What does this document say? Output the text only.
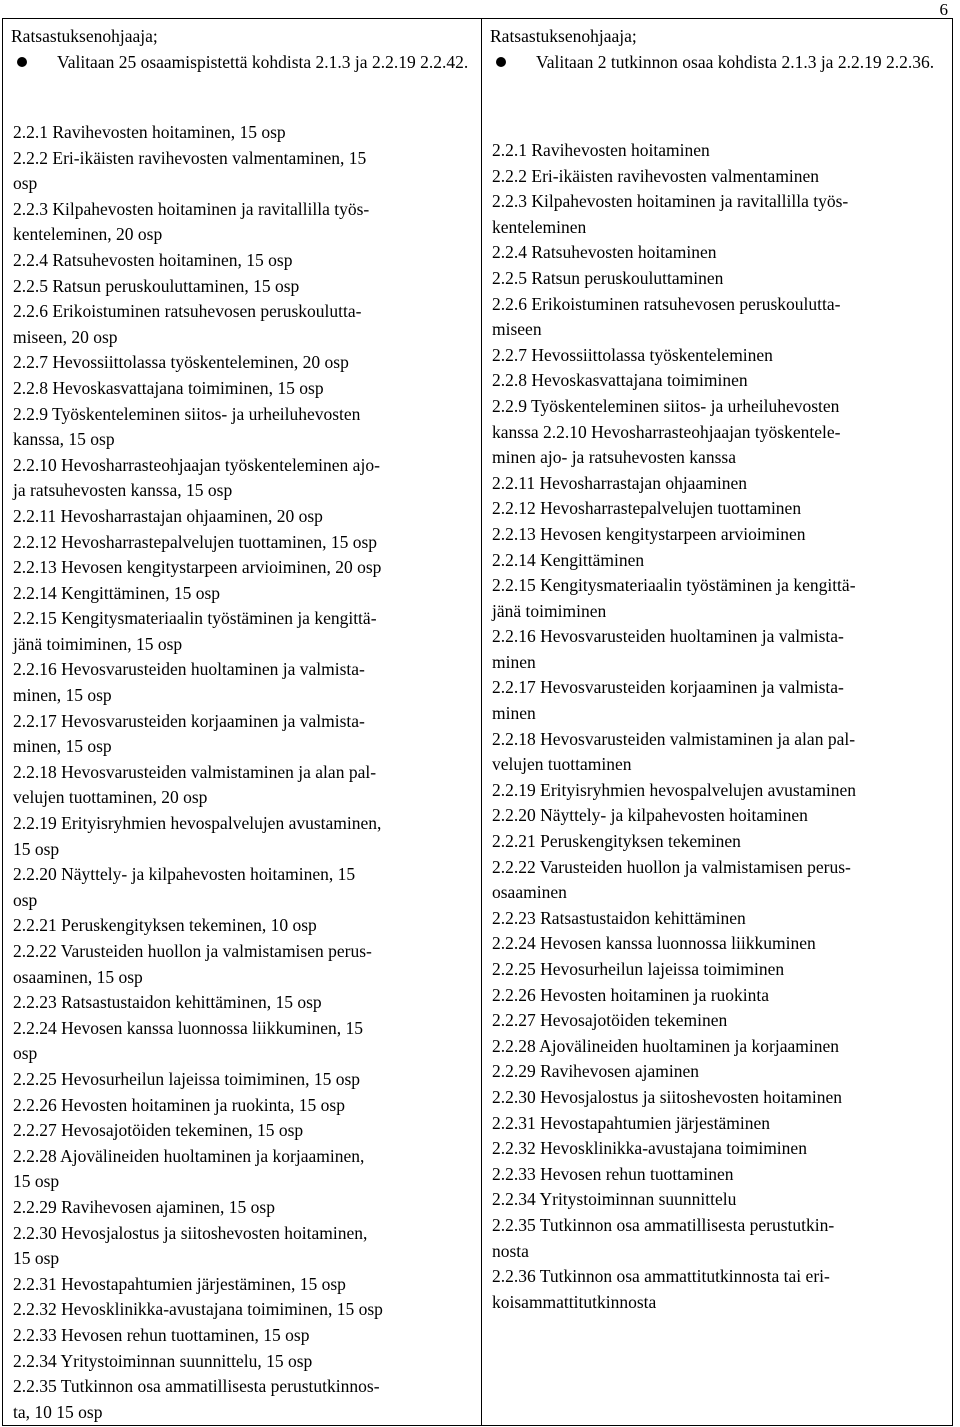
6
Ratsastuksenohjaaja;
Valitaan 25 osaamispistettä kohdista 2.1.3 ja 2.2.19 2.2.42.
2.2.1 Ravihevosten hoitaminen, 15 osp
2.2.2 Eri-ikäisten ravihevosten valmentaminen, 15
osp
2.2.3 Kilpahevosten hoitaminen ja ravitallilla työs-
kenteleminen, 20 osp
2.2.4 Ratsuhevosten hoitaminen, 15 osp
2.2.5 Ratsun peruskouluttaminen, 15 osp
2.2.6 Erikoistuminen ratsuhevosen peruskoulutta-
miseen, 20 osp
2.2.7 Hevossiittolassa työskenteleminen, 20 osp
2.2.8 Hevoskasvattajana toimiminen, 15 osp
2.2.9 Työskenteleminen siitos- ja urheiluhevosten
kanssa, 15 osp
2.2.10 Hevosharrasteohjaajan työskenteleminen ajo-
ja ratsuhevosten kanssa, 15 osp
2.2.11 Hevosharrastajan ohjaaminen, 20 osp
2.2.12 Hevosharrastepalvelujen tuottaminen, 15 osp
2.2.13 Hevosen kengitystarpeen arvioiminen, 20 osp
2.2.14 Kengittäminen, 15 osp
2.2.15 Kengitysmateriaalin työstäminen ja kengittä-
jänä toimiminen, 15 osp
2.2.16 Hevosvarusteiden huoltaminen ja valmista-
minen, 15 osp
2.2.17 Hevosvarusteiden korjaaminen ja valmista-
minen, 15 osp
2.2.18 Hevosvarusteiden valmistaminen ja alan pal-
velujen tuottaminen, 20 osp
2.2.19 Erityisryhmien hevospalvelujen avustaminen,
15 osp
2.2.20 Näyttely- ja kilpahevosten hoitaminen, 15
osp
2.2.21 Peruskengityksen tekeminen, 10 osp
2.2.22 Varusteiden huollon ja valmistamisen perus-
osaaminen, 15 osp
2.2.23 Ratsastustaidon kehittäminen, 15 osp
2.2.24 Hevosen kanssa luonnossa liikkuminen, 15
osp
2.2.25 Hevosurheilun lajeissa toimiminen, 15 osp
2.2.26 Hevosten hoitaminen ja ruokinta, 15 osp
2.2.27 Hevosajotöiden tekeminen, 15 osp
2.2.28 Ajovälineiden huoltaminen ja korjaaminen,
15 osp
2.2.29 Ravihevosen ajaminen, 15 osp
2.2.30 Hevosjalostus ja siitoshevosten hoitaminen,
15 osp
2.2.31 Hevostapahtumien järjestäminen, 15 osp
2.2.32 Hevosklinikka-avustajana toimiminen, 15 osp
2.2.33 Hevosen rehun tuottaminen, 15 osp
2.2.34 Yritystoiminnan suunnittelu, 15 osp
2.2.35 Tutkinnon osa ammatillisesta perustutkinnos-
ta, 10 15 osp

Ratsastuksenohjaaja;
Valitaan 2 tutkinnon osaa kohdista 2.1.3 ja 2.2.19 2.2.36.
2.2.1 Ravihevosten hoitaminen
2.2.2 Eri-ikäisten ravihevosten valmentaminen
2.2.3 Kilpahevosten hoitaminen ja ravitallilla työs-
kenteleminen
2.2.4 Ratsuhevosten hoitaminen
2.2.5 Ratsun peruskouluttaminen
2.2.6 Erikoistuminen ratsuhevosen peruskoulutta-
miseen
2.2.7 Hevossiittolassa työskenteleminen
2.2.8 Hevoskasvattajana toimiminen
2.2.9 Työskenteleminen siitos- ja urheiluhevosten
kanssa 2.2.10 Hevosharrasteohjaajan työskentele-
minen ajo- ja ratsuhevosten kanssa
2.2.11 Hevosharrastajan ohjaaminen
2.2.12 Hevosharrastepalvelujen tuottaminen
2.2.13 Hevosen kengitystarpeen arvioiminen
2.2.14 Kengittäminen
2.2.15 Kengitysmateriaalin työstäminen ja kengittä-
jänä toimiminen
2.2.16 Hevosvarusteiden huoltaminen ja valmista-
minen
2.2.17 Hevosvarusteiden korjaaminen ja valmista-
minen
2.2.18 Hevosvarusteiden valmistaminen ja alan pal-
velujen tuottaminen
2.2.19 Erityisryhmien hevospalvelujen avustaminen
2.2.20 Näyttely- ja kilpahevosten hoitaminen
2.2.21 Peruskengityksen tekeminen
2.2.22 Varusteiden huollon ja valmistamisen perus-
osaaminen
2.2.23 Ratsastustaidon kehittäminen
2.2.24 Hevosen kanssa luonnossa liikkuminen
2.2.25 Hevosurheilun lajeissa toimiminen
2.2.26 Hevosten hoitaminen ja ruokinta
2.2.27 Hevosajotöiden tekeminen
2.2.28 Ajovälineiden huoltaminen ja korjaaminen
2.2.29 Ravihevosen ajaminen
2.2.30 Hevosjalostus ja siitoshevosten hoitaminen
2.2.31 Hevostapahtumien järjestäminen
2.2.32 Hevosklinikka-avustajana toimiminen
2.2.33 Hevosen rehun tuottaminen
2.2.34 Yritystoiminnan suunnittelu
2.2.35 Tutkinnon osa ammatillisesta perustutkin-
nosta
2.2.36 Tutkinnon osa ammattitutkinnosta tai eri-
koisammattitutkinnosta
